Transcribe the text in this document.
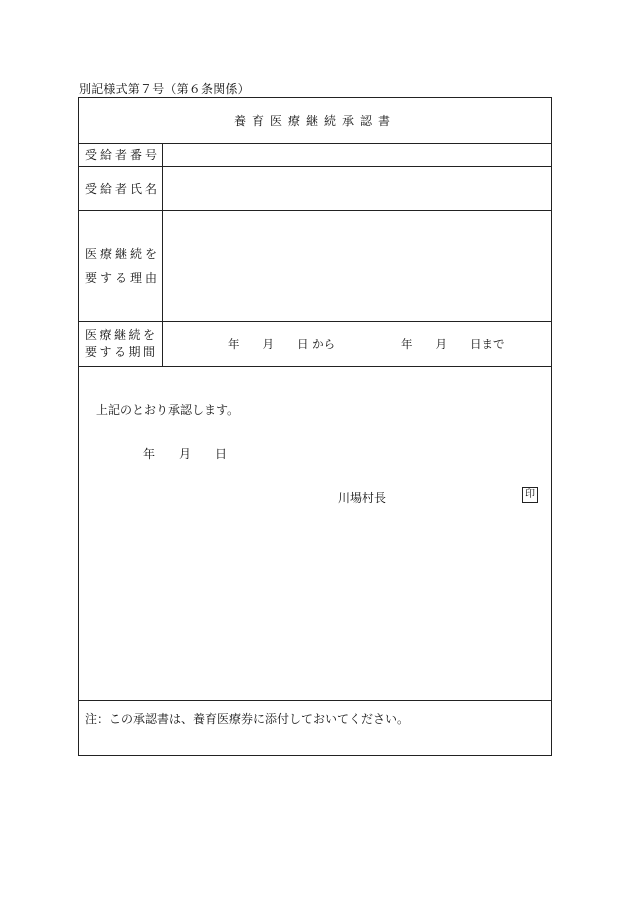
別記様式第７号（第６条関係）
養育医療継続承認書
受給者番号
受給者氏名
医療継続を
要する理由
医療継続を
要する期間
年　　月　　日 から	年　　月　　日まで
上記のとおり承認します。
年　　月　　日
川場村長	印
注：この承認書は、養育医療券に添付しておいてください。
